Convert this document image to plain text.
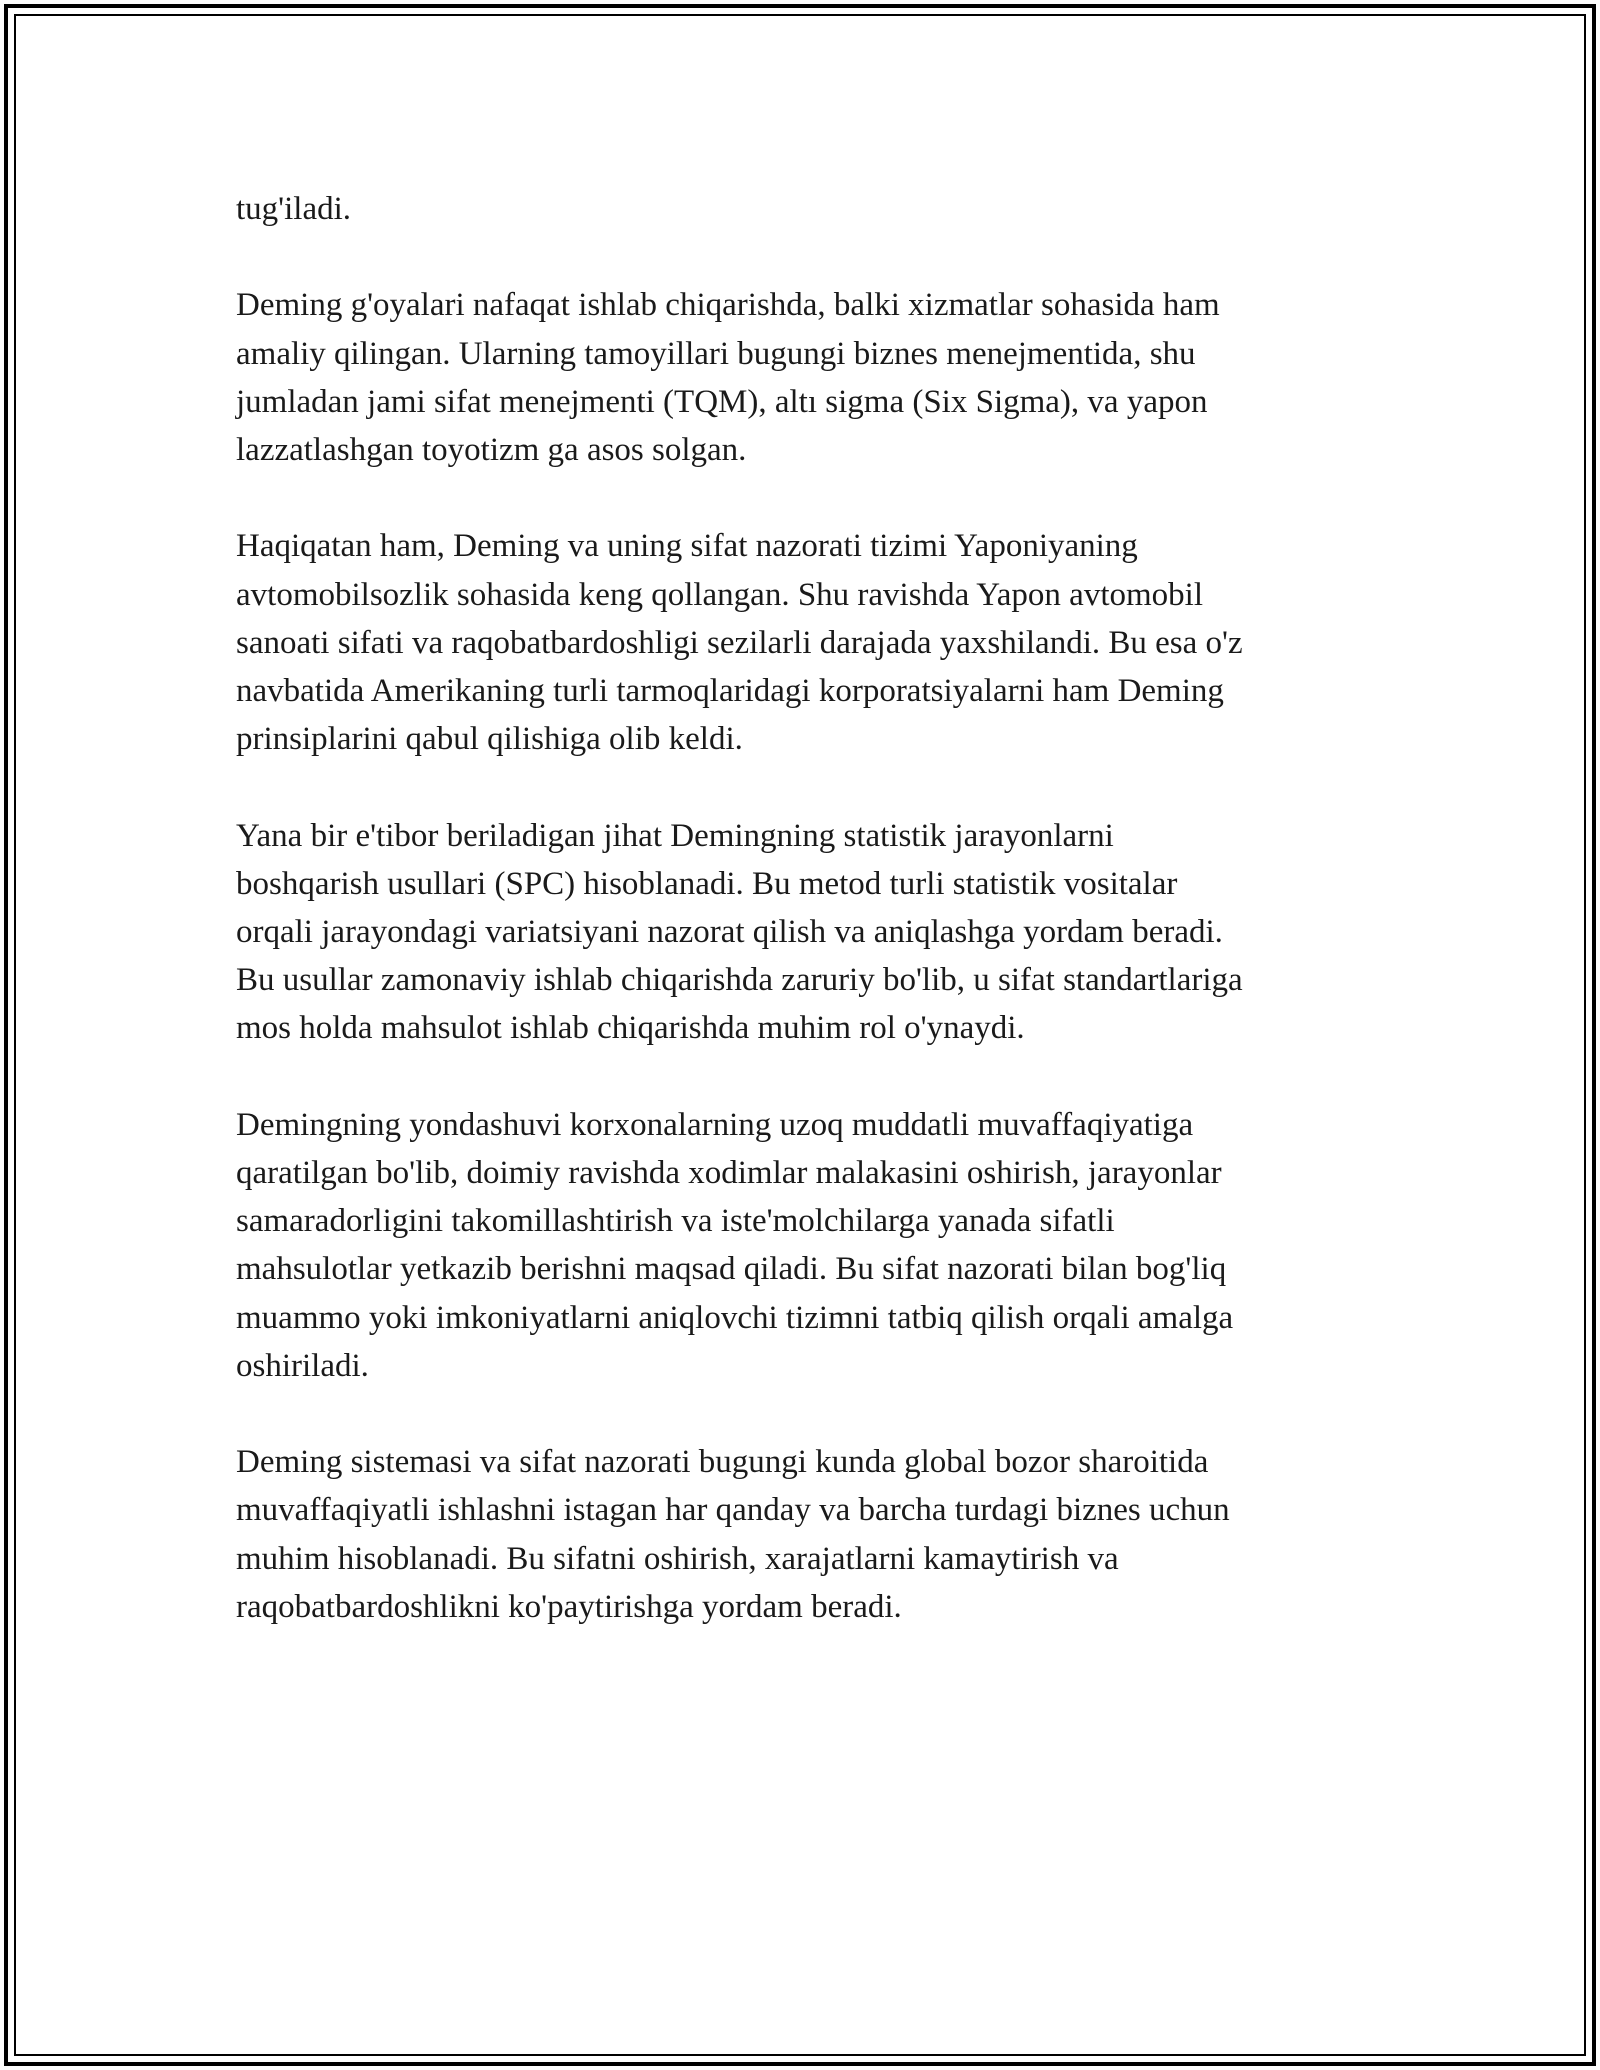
tug'iladi.

Deming g'oyalari nafaqat ishlab chiqarishda, balki xizmatlar sohasida ham
amaliy qilingan. Ularning tamoyillari bugungi biznes menejmentida, shu
jumladan jami sifat menejmenti (TQM), altı sigma (Six Sigma), va yapon
lazzatlashgan toyotizm ga asos solgan.

Haqiqatan ham, Deming va uning sifat nazorati tizimi Yaponiyaning
avtomobilsozlik sohasida keng qollangan. Shu ravishda Yapon avtomobil
sanoati sifati va raqobatbardoshligi sezilarli darajada yaxshilandi. Bu esa o'z
navbatida Amerikaning turli tarmoqlaridagi korporatsiyalarni ham Deming
prinsiplarini qabul qilishiga olib keldi.

Yana bir e'tibor beriladigan jihat Demingning statistik jarayonlarni
boshqarish usullari (SPC) hisoblanadi. Bu metod turli statistik vositalar
orqali jarayondagi variatsiyani nazorat qilish va aniqlashga yordam beradi.
Bu usullar zamonaviy ishlab chiqarishda zaruriy bo'lib, u sifat standartlariga
mos holda mahsulot ishlab chiqarishda muhim rol o'ynaydi.

Demingning yondashuvi korxonalarning uzoq muddatli muvaffaqiyatiga
qaratilgan bo'lib, doimiy ravishda xodimlar malakasini oshirish, jarayonlar
samaradorligini takomillashtirish va iste'molchilarga yanada sifatli
mahsulotlar yetkazib berishni maqsad qiladi. Bu sifat nazorati bilan bog'liq
muammo yoki imkoniyatlarni aniqlovchi tizimni tatbiq qilish orqali amalga
oshiriladi.

Deming sistemasi va sifat nazorati bugungi kunda global bozor sharoitida
muvaffaqiyatli ishlashni istagan har qanday va barcha turdagi biznes uchun
muhim hisoblanadi. Bu sifatni oshirish, xarajatlarni kamaytirish va
raqobatbardoshlikni ko'paytirishga yordam beradi.
